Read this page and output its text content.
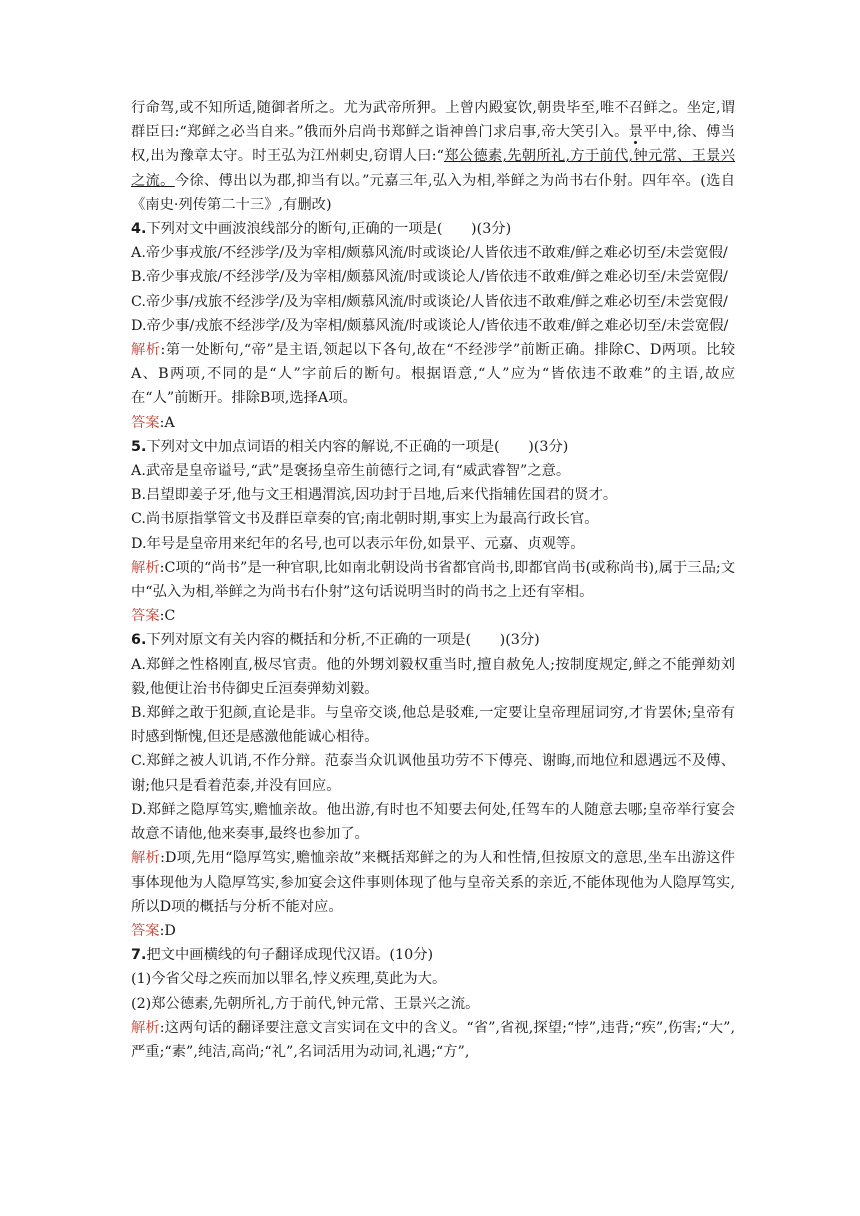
行命驾,或不知所适,随御者所之。尤为武帝所狎。上曾内殿宴饮,朝贵毕至,唯不召鲜之。坐定,谓群臣曰:“郑鲜之必当自来。”俄而外启尚书郑鲜之诣神兽门求启事,帝大笑引入。景平中,徐、傅当权,出为豫章太守。时王弘为江州刺史,窃谓人曰:“郑公德素,先朝所礼,方于前代,钟元常、王景兴之流。今徐、傅出以为郡,抑当有以。”元嘉三年,弘入为相,举鲜之为尚书右仆射。四年卒。(选自《南史·列传第二十三》,有删改)

4.下列对文中画波浪线部分的断句,正确的一项是(　　)(3分)

A.帝少事戎旅/不经涉学/及为宰相/颇慕风流/时或谈论/人皆依违不敢难/鲜之难必切至/未尝宽假/

B.帝少事戎旅/不经涉学/及为宰相/颇慕风流/时或谈论人/皆依违不敢难/鲜之难必切至/未尝宽假/

C.帝少事/戎旅不经涉学/及为宰相/颇慕风流/时或谈论/人皆依违不敢难/鲜之难必切至/未尝宽假/

D.帝少事/戎旅不经涉学/及为宰相/颇慕风流/时或谈论人/皆依违不敢难/鲜之难必切至/未尝宽假/

解析:第一处断句,“帝”是主语,领起以下各句,故在“不经涉学”前断正确。排除C、D两项。比较A、B两项,不同的是“人”字前后的断句。根据语意,“人”应为“皆依违不敢难”的主语,故应在“人”前断开。排除B项,选择A项。

答案:A

5.下列对文中加点词语的相关内容的解说,不正确的一项是(　　)(3分)

A.武帝是皇帝谥号,“武”是褒扬皇帝生前德行之词,有“威武睿智”之意。

B.吕望即姜子牙,他与文王相遇渭滨,因功封于吕地,后来代指辅佐国君的贤才。

C.尚书原指掌管文书及群臣章奏的官;南北朝时期,事实上为最高行政长官。

D.年号是皇帝用来纪年的名号,也可以表示年份,如景平、元嘉、贞观等。

解析:C项的“尚书”是一种官职,比如南北朝设尚书省都官尚书,即都官尚书(或称尚书),属于三品;文中“弘入为相,举鲜之为尚书右仆射”这句话说明当时的尚书之上还有宰相。

答案:C

6.下列对原文有关内容的概括和分析,不正确的一项是(　　)(3分)

A.郑鲜之性格刚直,极尽官责。他的外甥刘毅权重当时,擅自赦免人;按制度规定,鲜之不能弹劾刘毅,他便让治书侍御史丘洹奏弹劾刘毅。

B.郑鲜之敢于犯颜,直论是非。与皇帝交谈,他总是驳难,一定要让皇帝理屈词穷,才肯罢休;皇帝有时感到惭愧,但还是感激他能诚心相待。

C.郑鲜之被人讥诮,不作分辩。范泰当众讥讽他虽功劳不下傅亮、谢晦,而地位和恩遇远不及傅、谢;他只是看着范泰,并没有回应。

D.郑鲜之隐厚笃实,赡恤亲故。他出游,有时也不知要去何处,任驾车的人随意去哪;皇帝举行宴会故意不请他,他来奏事,最终也参加了。

解析:D项,先用“隐厚笃实,赡恤亲故”来概括郑鲜之的为人和性情,但按原文的意思,坐车出游这件事体现他为人隐厚笃实,参加宴会这件事则体现了他与皇帝关系的亲近,不能体现他为人隐厚笃实,所以D项的概括与分析不能对应。

答案:D

7.把文中画横线的句子翻译成现代汉语。(10分)

(1)今省父母之疾而加以罪名,悖义疾理,莫此为大。

(2)郑公德素,先朝所礼,方于前代,钟元常、王景兴之流。

解析:这两句话的翻译要注意文言实词在文中的含义。“省”,省视,探望;“悖”,违背;“疾”,伤害;“大”,严重;“素”,纯洁,高尚;“礼”,名词活用为动词,礼遇;“方”,
